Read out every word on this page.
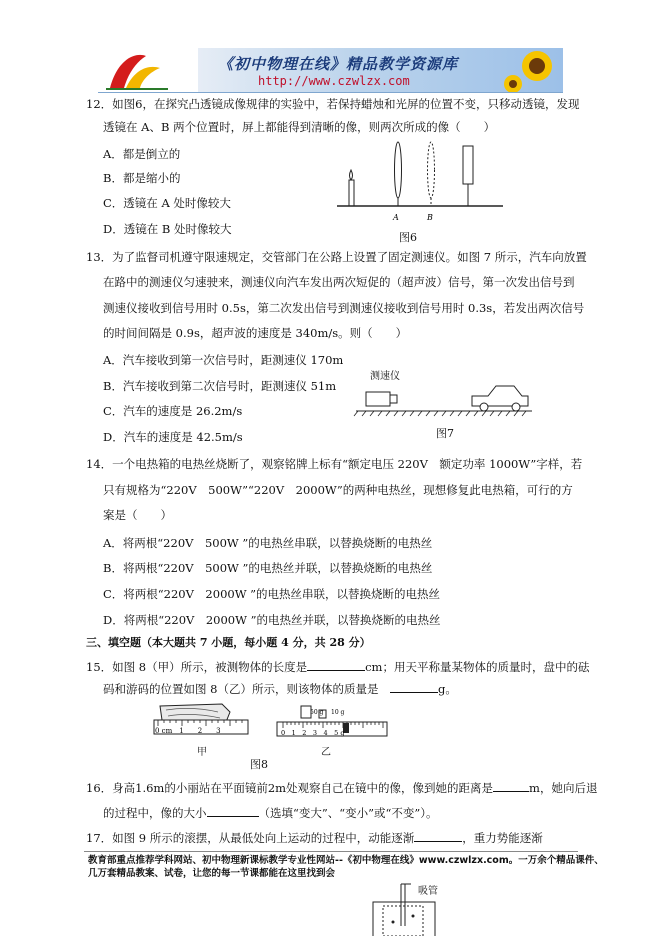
《初中物理在线》精品教学资源库
http://www.czwlzx.com
12．如图6，在探究凸透镜成像规律的实验中，若保持蜡烛和光屏的位置不变，只移动透镜，发现
透镜在 A、B 两个位置时，屏上都能得到清晰的像，则两次所成的像（　　）
A．都是倒立的
B．都是缩小的
C．透镜在 A 处时像较大
D．透镜在 B 处时像较大
A	B
图6
13．为了监督司机遵守限速规定，交管部门在公路上设置了固定测速仪。如图 7 所示，汽车向放置
在路中的测速仪匀速驶来，测速仪向汽车发出两次短促的（超声波）信号，第一次发出信号到
测速仪接收到信号用时 0.5s，第二次发出信号到测速仪接收到信号用时 0.3s，若发出两次信号
的时间间隔是 0.9s，超声波的速度是 340m/s。则（　　）
A．汽车接收到第一次信号时，距测速仪 170m
B．汽车接收到第二次信号时，距测速仪 51m
C．汽车的速度是 26.2m/s
D．汽车的速度是 42.5m/s
测速仪
图7
14．一个电热箱的电热丝烧断了，观察铭牌上标有“额定电压 220V　额定功率 1000W”字样，若
只有规格为“220V　500W”“220V　2000W”的两种电热丝，现想修复此电热箱，可行的方
案是（　　）
A．将两根“220V　500W ”的电热丝串联，以替换烧断的电热丝
B．将两根“220V　500W ”的电热丝并联，以替换烧断的电热丝
C．将两根“220V　2000W ”的电热丝串联，以替换烧断的电热丝
D．将两根“220V　2000W ”的电热丝并联，以替换烧断的电热丝
三、填空题（本大题共 7 小题，每小题 4 分，共 28 分）
15．如图 8（甲）所示，被测物体的长度是	cm；用天平称量某物体的质量时，盘中的砝
码和游码的位置如图 8（乙）所示，则该物体的质量是　	g。
0 cm　1　　2　　3
甲
50 g 10 g
0　1　2　3　4　5 g
乙
图8
16．身高1.6m的小丽站在平面镜前2m处观察自己在镜中的像，像到她的距离是	m，她向后退
的过程中，像的大小	（选填“变大”、“变小”或“不变”）。
17．如图 9 所示的滚摆，从最低处向上运动的过程中，动能逐渐	，重力势能逐渐
教育部重点推荐学科网站、初中物理新课标教学专业性网站--《初中物理在线》www.czwlzx.com。一万余个精品课件、
几万套精品教案、试卷，让您的每一节课都能在这里找到会
吸管
